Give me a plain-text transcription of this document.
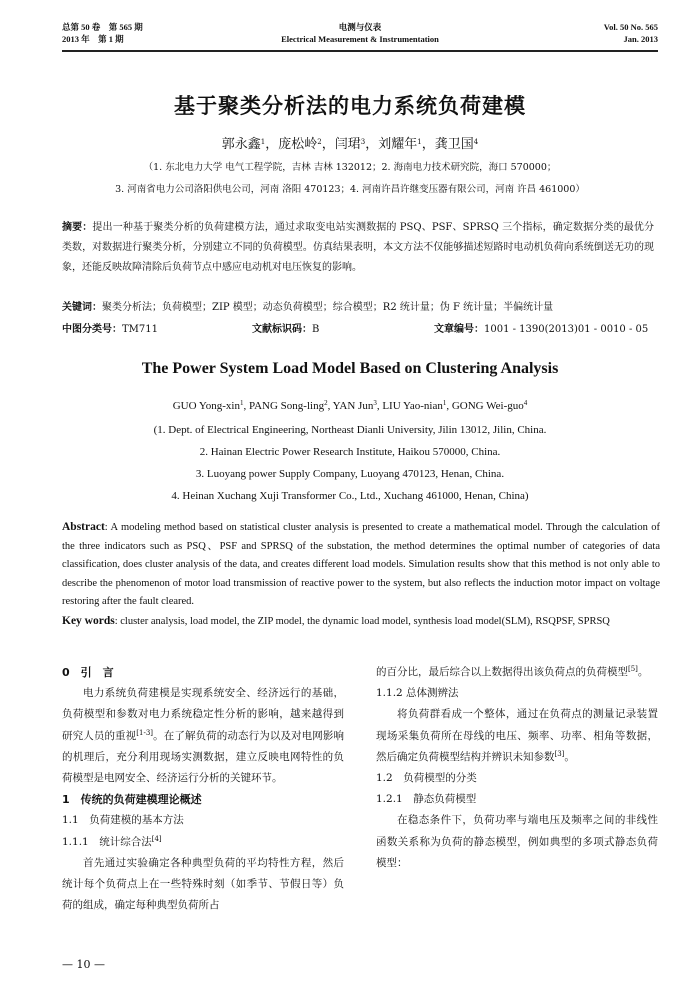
总第 50 卷　第 565 期
2013 年　第 1 期
电测与仪表
Electrical Measurement & Instrumentation
Vol. 50 No. 565
Jan. 2013
基于聚类分析法的电力系统负荷建模
郭永鑫$^1$，庞松岭$^2$，闫珺$^3$，刘耀年$^1$，龚卫国$^4$
（1. 东北电力大学 电气工程学院，吉林 吉林 132012；2. 海南电力技术研究院，海口 570000；
3. 河南省电力公司洛阳供电公司，河南 洛阳 470123；4. 河南许昌许继变压器有限公司，河南 许昌 461000）
摘要：提出一种基于聚类分析的负荷建模方法，通过求取变电站实测数据的 PSQ、PSF、SPRSQ 三个指标，确定数据分类的最优分类数，对数据进行聚类分析，分别建立不同的负荷模型。仿真结果表明，本文方法不仅能够描述短路时电动机负荷向系统倒送无功的现象，还能反映故障清除后负荷节点中感应电动机对电压恢复的影响。
关键词：聚类分析法；负荷模型；ZIP 模型；动态负荷模型；综合模型；R2 统计量；伪 F 统计量；半偏统计量
中图分类号：TM711	文献标识码：B	文章编号：1001 - 1390(2013)01 - 0010 - 05
The Power System Load Model Based on Clustering Analysis
GUO Yong-xin$^1$, PANG Song-ling$^2$, YAN Jun$^3$, LIU Yao-nian$^1$, GONG Wei-guo$^4$
(1. Dept. of Electrical Engineering, Northeast Dianli University, Jilin 13012, Jilin, China.
2. Hainan Electric Power Research Institute, Haikou 570000, China.
3. Luoyang power Supply Company, Luoyang 470123, Henan, China.
4. Heinan Xuchang Xuji Transformer Co., Ltd., Xuchang 461000, Henan, China)
Abstract: A modeling method based on statistical cluster analysis is presented to create a mathematical model. Through the calculation of the three indicators such as PSQ、PSF and SPRSQ of the substation, the method determines the optimal number of categories of data classification, does cluster analysis of the data, and creates different load models. Simulation results show that this method is not only able to describe the phenomenon of motor load transmission of reactive power to the system, but also reflects the induction motor impact on voltage restoring after the fault cleared.
Key words: cluster analysis, load model, the ZIP model, the dynamic load model, synthesis load model(SLM), RSQPSF, SPRSQ

0　引　言

电力系统负荷建模是实现系统安全、经济远行的基础，负荷模型和参数对电力系统稳定性分析的影响，越来越得到研究人员的重视[1-3]。在了解负荷的动态行为以及对电网影响的机理后，充分利用现场实测数据，建立反映电网特性的负荷模型是电网安全、经济运行分析的关键环节。

1　传统的负荷建模理论概述

1.1　负荷建模的基本方法

1.1.1　统计综合法[4]

首先通过实验确定各种典型负荷的平均特性方程，然后统计每个负荷点上在一些特殊时刻（如季节、节假日等）负荷的组成，确定每种典型负荷所占

的百分比，最后综合以上数据得出该负荷点的负荷模型[5]。

1.1.2 总体测辨法

将负荷群看成一个整体，通过在负荷点的测量记录装置现场采集负荷所在母线的电压、频率、功率、相角等数据，然后确定负荷模型结构并辨识未知参数[3]。

1.2　负荷模型的分类

1.2.1　静态负荷模型

在稳态条件下，负荷功率与端电压及频率之间的非线性函数关系称为负荷的静态模型，例如典型的多项式静态负荷模型：

— 10 —
